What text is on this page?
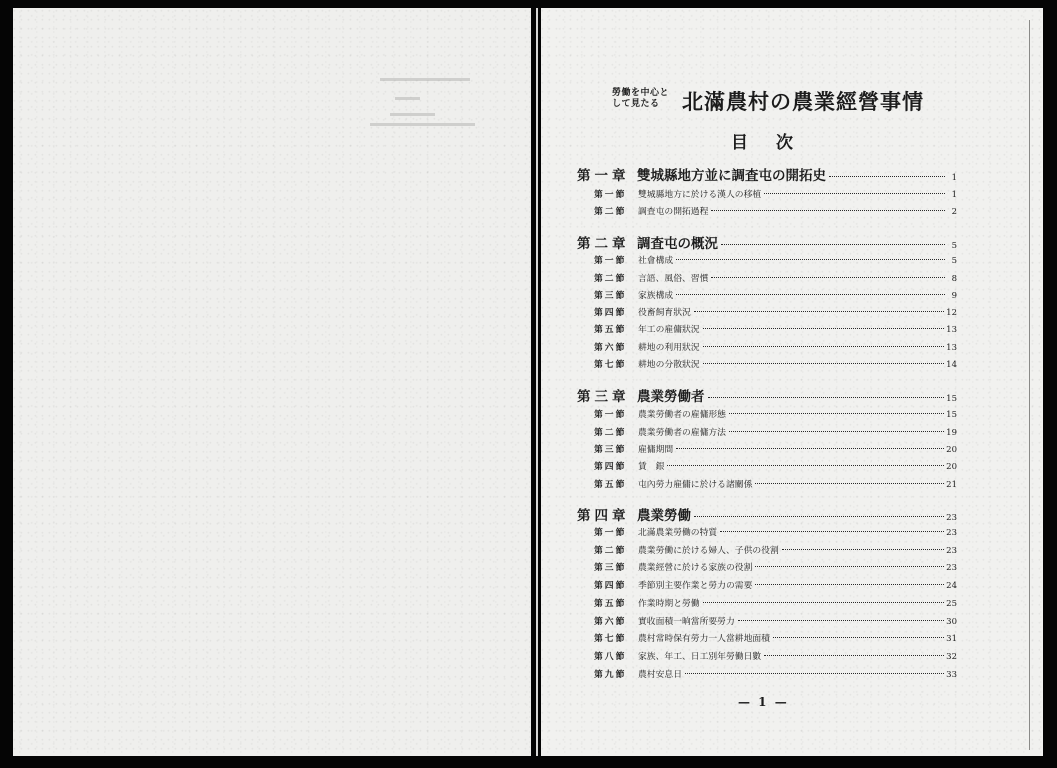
勞働を中心と
して見たる	北滿農村の農業經營事情
目次
第一章 雙城縣地方並に調査屯の開拓史	1
第一節	雙城縣地方に於ける漢人の移植	1
第二節	調査屯の開拓過程	2
第二章 調査屯の概況	5
第一節	社會構成	5
第二節	言語、風俗、習慣	8
第三節	家族構成	9
第四節	役畜飼育狀況	12
第五節	年工の雇傭狀況	13
第六節	耕地の利用狀況	13
第七節	耕地の分散狀況	14
第三章 農業勞働者	15
第一節	農業勞働者の雇傭形態	15
第二節	農業勞働者の雇傭方法	19
第三節	雇傭期間	20
第四節	賃　銀	20
第五節	屯內勞力雇傭に於ける諸關係	21
第四章 農業勞働	23
第一節	北滿農業勞働の特質	23
第二節	農業勞働に於ける婦人、子供の役割	23
第三節	農業經營に於ける家族の役割	23
第四節	季節別主要作業と勞力の需要	24
第五節	作業時期と勞働	25
第六節	實收面積一晌當所要勞力	30
第七節	農村常時保有勞力一人當耕地面積	31
第八節	家族、年工、日工別年勞働日數	32
第九節	農村安息日	33
— 1 —
